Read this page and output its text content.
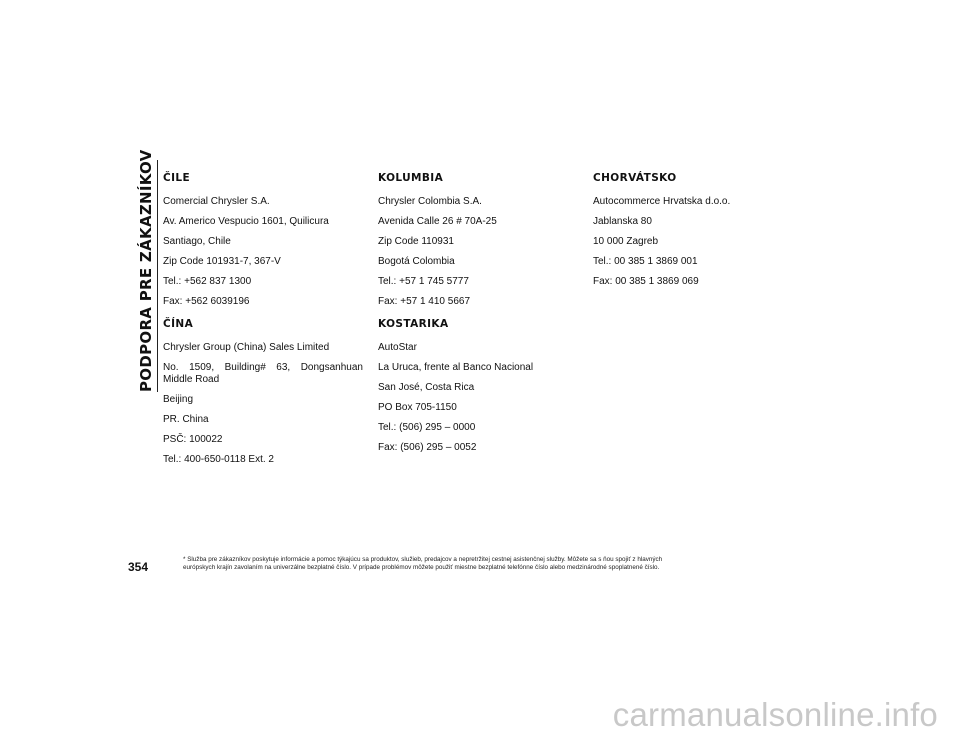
PODPORA PRE ZÁKAZNÍKOV ČILE

Comercial Chrysler S.A.

Av. Americo Vespucio 1601, Quilicura

Santiago, Chile

Zip Code 101931-7, 367-V

Tel.: +562 837 1300

Fax: +562 6039196

ČÍNA

Chrysler Group (China) Sales Limited

No. 1509, Building# 63, Dongsanhuan Middle Road

Beijing

PR. China

PSČ: 100022

Tel.: 400-650-0118 Ext. 2

KOLUMBIA

Chrysler Colombia S.A.

Avenida Calle 26 # 70A-25

Zip Code 110931

Bogotá Colombia

Tel.: +57 1 745 5777

Fax: +57 1 410 5667

KOSTARIKA

AutoStar

La Uruca, frente al Banco Nacional

San José, Costa Rica

PO Box 705-1150

Tel.: (506) 295 – 0000

Fax: (506) 295 – 0052

CHORVÁTSKO

Autocommerce Hrvatska d.o.o.

Jablanska 80

10 000 Zagreb

Tel.: 00 385 1 3869 001

Fax: 00 385 1 3869 069

354
* Služba pre zákazníkov poskytuje informácie a pomoc týkajúcu sa produktov, služieb, predajcov a nepretržitej cestnej asistenčnej služby. Môžete sa s ňou spojiť z hlavných
európskych krajín zavolaním na univerzálne bezplatné číslo. V prípade problémov môžete použiť miestne bezplatné telefónne číslo alebo medzinárodné spoplatnené číslo.
carmanualsonline.info
